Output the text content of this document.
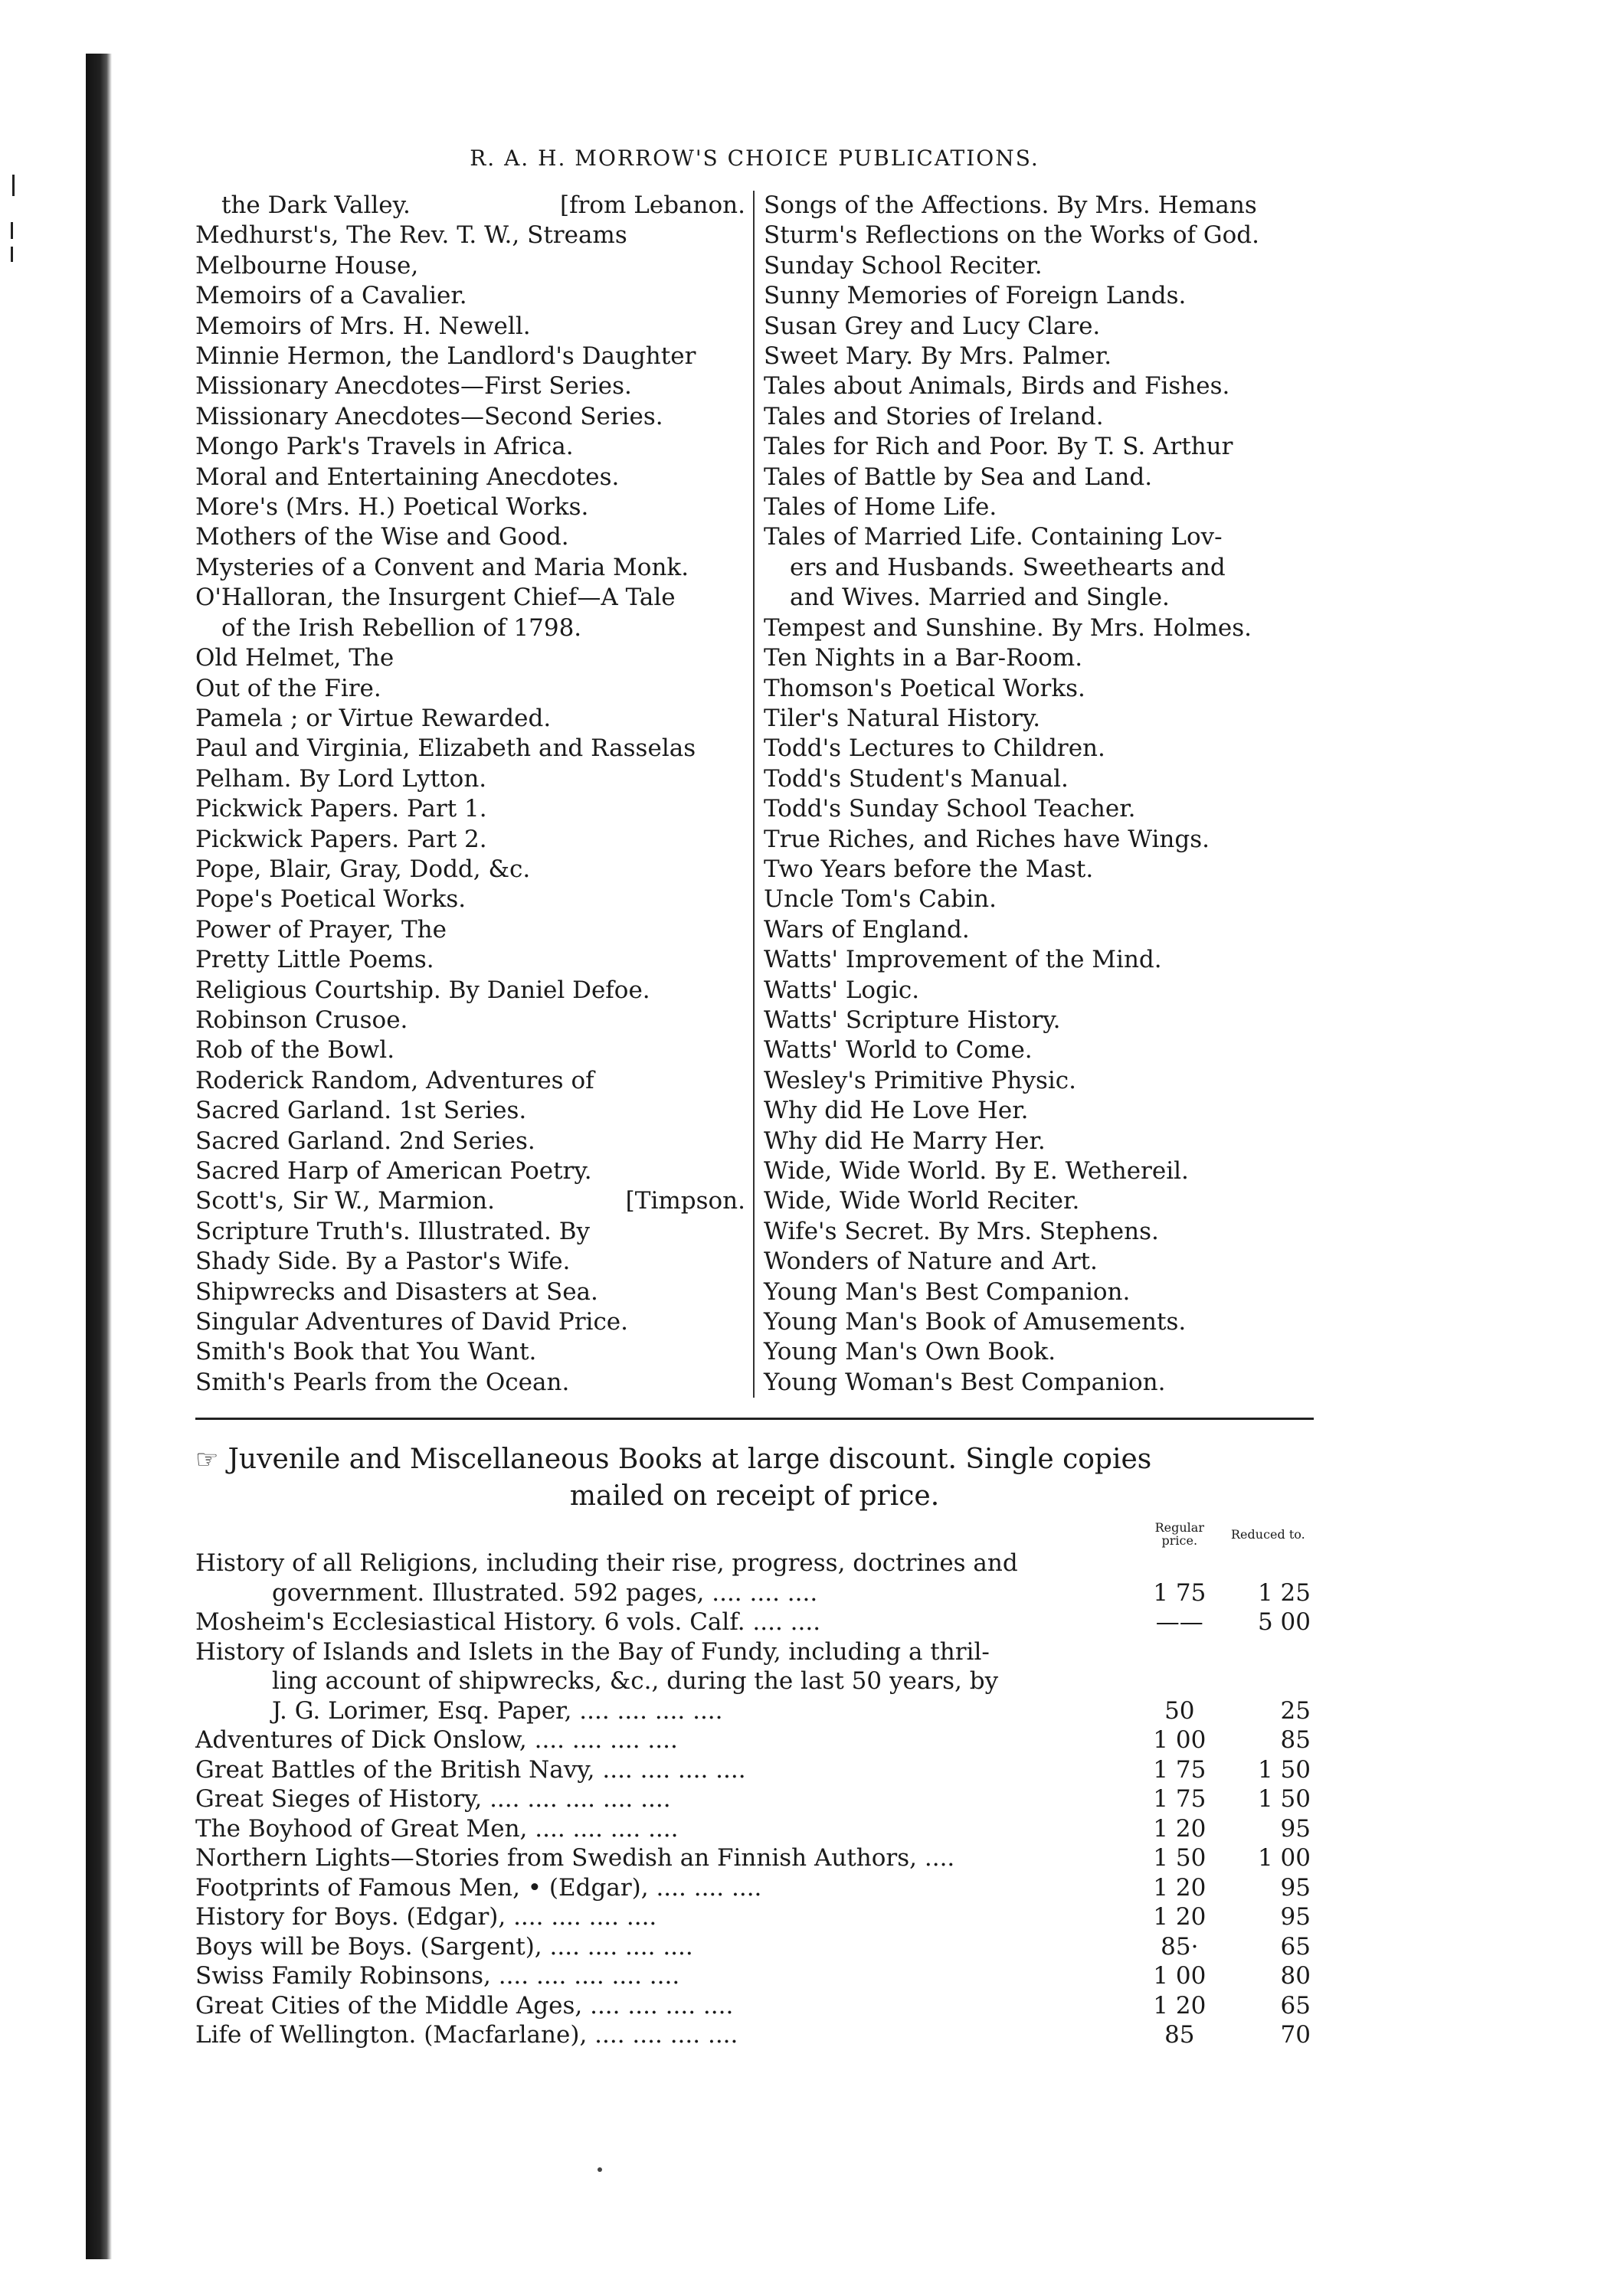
R. A. H. MORROW'S CHOICE PUBLICATIONS.
the Dark Valley.	[from Lebanon.
Medhurst's, The Rev. T. W., Streams
Melbourne House,
Memoirs of a Cavalier.
Memoirs of Mrs. H. Newell.
Minnie Hermon, the Landlord's Daughter
Missionary Anecdotes—First Series.
Missionary Anecdotes—Second Series.
Mongo Park's Travels in Africa.
Moral and Entertaining Anecdotes.
More's (Mrs. H.) Poetical Works.
Mothers of the Wise and Good.
Mysteries of a Convent and Maria Monk.
O'Halloran, the Insurgent Chief—A Tale
of the Irish Rebellion of 1798.
Old Helmet, The
Out of the Fire.
Pamela ; or Virtue Rewarded.
Paul and Virginia, Elizabeth and Rasselas
Pelham. By Lord Lytton.
Pickwick Papers. Part 1.
Pickwick Papers. Part 2.
Pope, Blair, Gray, Dodd, &c.
Pope's Poetical Works.
Power of Prayer, The
Pretty Little Poems.
Religious Courtship. By Daniel Defoe.
Robinson Crusoe.
Rob of the Bowl.
Roderick Random, Adventures of
Sacred Garland. 1st Series.
Sacred Garland. 2nd Series.
Sacred Harp of American Poetry.
Scott's, Sir W., Marmion.	[Timpson.
Scripture Truth's. Illustrated. By
Shady Side. By a Pastor's Wife.
Shipwrecks and Disasters at Sea.
Singular Adventures of David Price.
Smith's Book that You Want.
Smith's Pearls from the Ocean.
Songs of the Affections. By Mrs. Hemans
Sturm's Reflections on the Works of God.
Sunday School Reciter.
Sunny Memories of Foreign Lands.
Susan Grey and Lucy Clare.
Sweet Mary. By Mrs. Palmer.
Tales about Animals, Birds and Fishes.
Tales and Stories of Ireland.
Tales for Rich and Poor. By T. S. Arthur
Tales of Battle by Sea and Land.
Tales of Home Life.
Tales of Married Life. Containing Lov-
ers and Husbands. Sweethearts and
and Wives. Married and Single.
Tempest and Sunshine. By Mrs. Holmes.
Ten Nights in a Bar-Room.
Thomson's Poetical Works.
Tiler's Natural History.
Todd's Lectures to Children.
Todd's Student's Manual.
Todd's Sunday School Teacher.
True Riches, and Riches have Wings.
Two Years before the Mast.
Uncle Tom's Cabin.
Wars of England.
Watts' Improvement of the Mind.
Watts' Logic.
Watts' Scripture History.
Watts' World to Come.
Wesley's Primitive Physic.
Why did He Love Her.
Why did He Marry Her.
Wide, Wide World. By E. Wethereil.
Wide, Wide World Reciter.
Wife's Secret. By Mrs. Stephens.
Wonders of Nature and Art.
Young Man's Best Companion.
Young Man's Book of Amusements.
Young Man's Own Book.
Young Woman's Best Companion.
☞ Juvenile and Miscellaneous Books at large discount. Single copies
mailed on receipt of price.
	Regular price.	Reduced to.
History of all Religions, including their rise, progress, doctrines and		
government. Illustrated. 592 pages, .... .... ....	1 75	1 25
Mosheim's Ecclesiastical History. 6 vols. Calf. .... ....	——	5 00
History of Islands and Islets in the Bay of Fundy, including a thril-		
ling account of shipwrecks, &c., during the last 50 years, by		
J. G. Lorimer, Esq. Paper, .... .... .... ....	50	25
Adventures of Dick Onslow, .... .... .... ....	1 00	85
Great Battles of the British Navy, .... .... .... ....	1 75	1 50
Great Sieges of History, .... .... .... .... ....	1 75	1 50
The Boyhood of Great Men, .... .... .... ....	1 20	95
Northern Lights—Stories from Swedish an Finnish Authors, ....	1 50	1 00
Footprints of Famous Men, • (Edgar), .... .... ....	1 20	95
History for Boys. (Edgar), .... .... .... ....	1 20	95
Boys will be Boys. (Sargent), .... .... .... ....	85·	65
Swiss Family Robinsons, .... .... .... .... ....	1 00	80
Great Cities of the Middle Ages, .... .... .... ....	1 20	65
Life of Wellington. (Macfarlane), .... .... .... ....	85	70
